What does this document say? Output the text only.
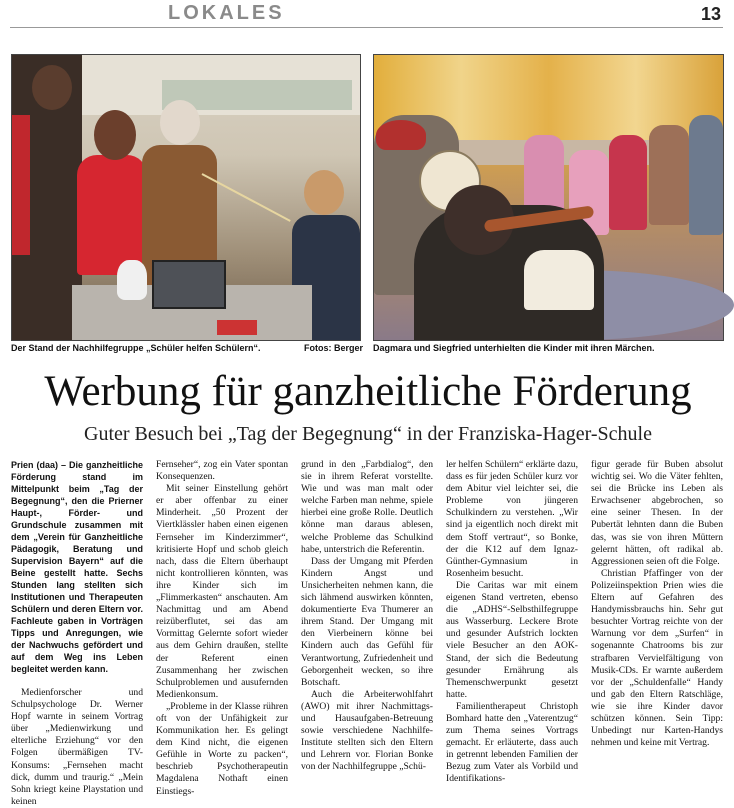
LOKALES	13
Der Stand der Nachhilfegruppe „Schüler helfen Schülern“.	Fotos: Berger Dagmara und Siegfried unterhielten die Kinder mit ihren Märchen.
Werbung für ganzheitliche Förderung
Guter Besuch bei „Tag der Begegnung“ in der Franziska-Hager-Schule

Prien (daa) – Die ganzheitliche Förderung stand im Mittelpunkt beim „Tag der Begegnung“, den die Prierner Haupt-, Förder- und Grundschule zusammen mit dem „Verein für Ganzheitliche Pädagogik, Beratung und Supervision Bayern“ auf die Beine gestellt hatte. Sechs Stunden lang stellten sich Institutionen und Therapeuten Schülern und deren Eltern vor. Fachleute gaben in Vorträgen Tipps und Anregungen, wie der Nachwuchs gefördert und auf dem Weg ins Leben begleitet werden kann.

Medienforscher und Schulpsychologe Dr. Werner Hopf warnte in seinem Vortrag über „Medienwirkung und elterliche Erziehung“ vor den Folgen übermäßigen TV-Konsums: „Fernsehen macht dick, dumm und traurig.“ „Mein Sohn kriegt keine Playstation und keinen

Fernseher“, zog ein Vater spontan Konsequenzen.

Mit seiner Einstellung gehört er aber offenbar zu einer Minderheit. „50 Prozent der Viertklässler haben einen eigenen Fernseher im Kinderzimmer“, kritisierte Hopf und schob gleich nach, dass die Eltern überhaupt nicht kontrollieren könnten, was ihre Kinder sich im „Flimmerkasten“ anschauten. Am Nachmittag und am Abend reizüberflutet, sei das am Vormittag Gelernte sofort wieder aus dem Gehirn draußen, stellte der Referent einen Zusammenhang her zwischen Schulproblemen und ausufernden Medienkonsum.

„Probleme in der Klasse rühren oft von der Unfähigkeit zur Kommunikation her. Es gelingt dem Kind nicht, die eigenen Gefühle in Worte zu packen“, beschrieb Psychotherapeutin Magdalena Nothaft einen Einstiegs-

grund in den „Farbdialog“, den sie in ihrem Referat vorstellte. Wie und was man malt oder welche Farben man nehme, spiele hierbei eine große Rolle. Deutlich könne man daraus ablesen, welche Probleme das Schulkind habe, unterstrich die Referentin.

Dass der Umgang mit Pferden Kindern Angst und Unsicherheiten nehmen kann, die sich lähmend auswirken könnten, dokumentierte Eva Thumerer an ihrem Stand. Der Umgang mit den Vierbeinern könne bei Kindern auch das Gefühl für Verantwortung, Zufriedenheit und Geborgenheit wecken, so ihre Botschaft.

Auch die Arbeiterwohlfahrt (AWO) mit ihrer Nachmittags- und Hausaufgaben-Betreuung sowie verschiedene Nachhilfe-Institute stellten sich den Eltern und Lehrern vor. Florian Bonke von der Nachhilfegruppe „Schü-

ler helfen Schülern“ erklärte dazu, dass es für jeden Schüler kurz vor dem Abitur viel leichter sei, die Probleme von jüngeren Schulkindern zu verstehen. „Wir sind ja eigentlich noch direkt mit dem Stoff vertraut“, so Bonke, der die K12 auf dem Ignaz-Günther-Gymnasium in Rosenheim besucht.

Die Caritas war mit einem eigenen Stand vertreten, ebenso die „ADHS“-Selbsthilfegruppe aus Wasserburg. Leckere Brote und gesunder Aufstrich lockten viele Besucher an den AOK-Stand, der sich die Bedeutung gesunder Ernährung als Themenschwerpunkt gesetzt hatte.

Familientherapeut Christoph Bomhard hatte den „Vaterentzug“ zum Thema seines Vortrags gemacht. Er erläuterte, dass auch in getrennt lebenden Familien der Bezug zum Vater als Vorbild und Identifikations-

figur gerade für Buben absolut wichtig sei. Wo die Väter fehlten, sei die Brücke ins Leben als Erwachsener abgebrochen, so eine seiner Thesen. In der Pubertät lehnten dann die Buben das, was sie von ihren Müttern gelernt hätten, oft radikal ab. Aggressionen seien oft die Folge.

Christian Pfaffinger von der Polizeiinspektion Prien wies die Eltern auf Gefahren des Handymissbrauchs hin. Sehr gut besuchter Vortrag reichte von der Warnung vor dem „Surfen“ in sogenannte Chatrooms bis zur strafbaren Vervielfältigung von Musik-CDs. Er warnte außerdem vor der „Schuldenfalle“ Handy und gab den Eltern Ratschläge, wie sie ihre Kinder davor schützen können. Sein Tipp: Unbedingt nur Karten-Handys nehmen und keine mit Vertrag.
